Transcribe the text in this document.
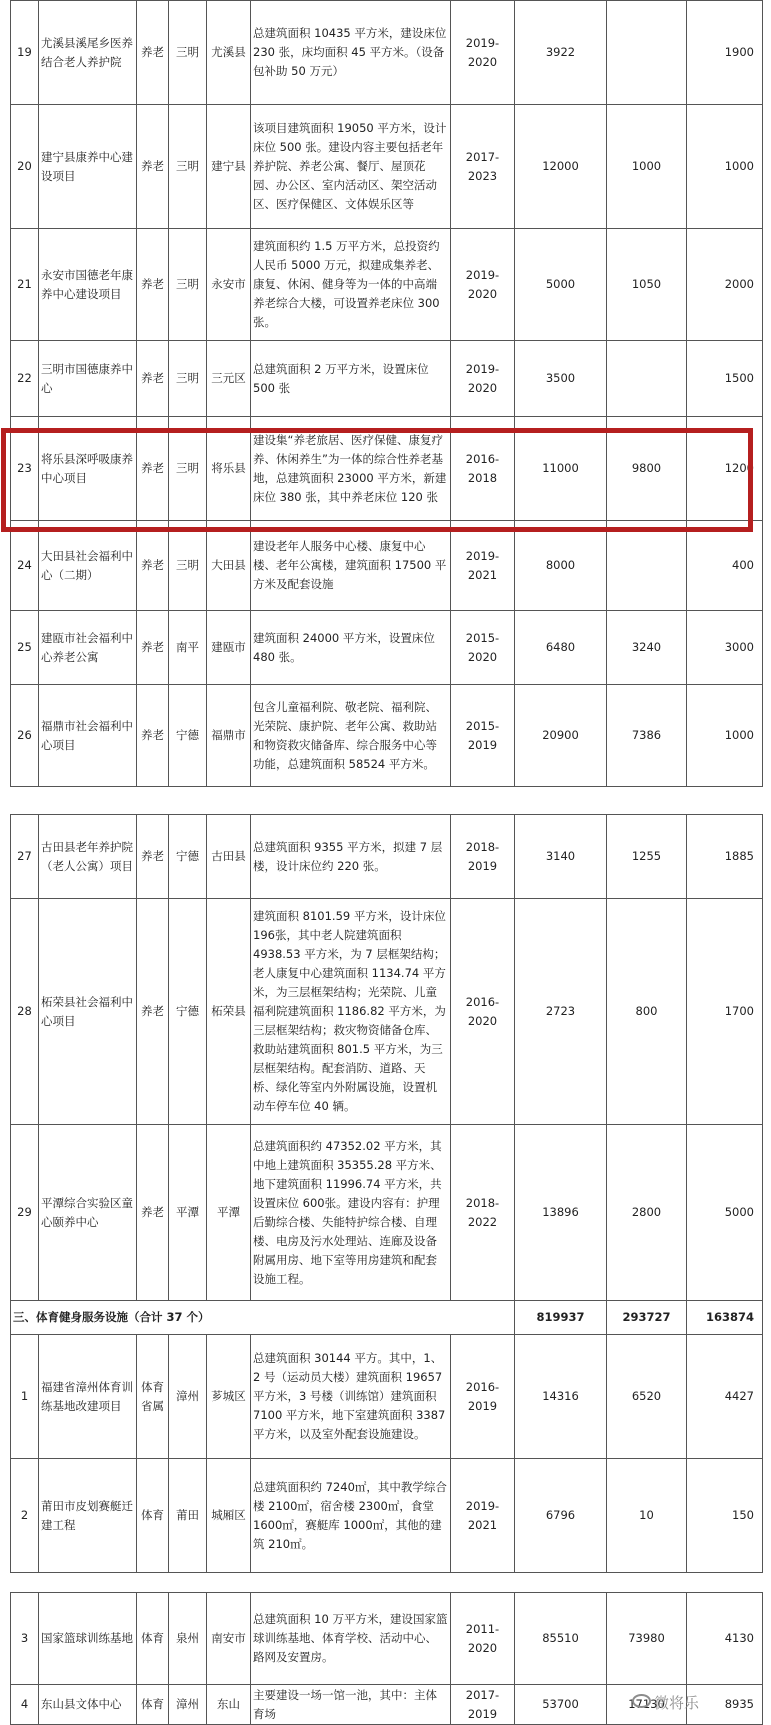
19	尤溪县溪尾乡医养结合老人养护院	养老	三明	尤溪县	总建筑面积 10435 平方米，建设床位 230 张，床均面积 45 平方米。（设备包补助 50 万元）	2019-2020	3922		1900
20	建宁县康养中心建设项目	养老	三明	建宁县	该项目建筑面积 19050 平方米，设计床位 500 张。建设内容主要包括老年养护院、养老公寓、餐厅、屋顶花园、办公区、室内活动区、架空活动区、医疗保健区、文体娱乐区等	2017-2023	12000	1000	1000
21	永安市国德老年康养中心建设项目	养老	三明	永安市	建筑面积约 1.5 万平方米，总投资约人民币 5000 万元，拟建成集养老、康复、休闲、健身等为一体的中高端养老综合大楼，可设置养老床位 300 张。	2019-2020	5000	1050	2000
22	三明市国德康养中心	养老	三明	三元区	总建筑面积 2 万平方米，设置床位 500 张	2019-2020	3500		1500
23	将乐县深呼吸康养中心项目	养老	三明	将乐县	建设集“养老旅居、医疗保健、康复疗养、休闲养生”为一体的综合性养老基地，总建筑面积 23000 平方米，新建床位 380 张，其中养老床位 120 张	2016-2018	11000	9800	1200
24	大田县社会福利中心（二期）	养老	三明	大田县	建设老年人服务中心楼、康复中心楼、老年公寓楼，建筑面积 17500 平方米及配套设施	2019-2021	8000		400
25	建瓯市社会福利中心养老公寓	养老	南平	建瓯市	建筑面积 24000 平方米，设置床位 480 张。	2015-2020	6480	3240	3000
26	福鼎市社会福利中心项目	养老	宁德	福鼎市	包含儿童福利院、敬老院、福利院、光荣院、康护院、老年公寓、救助站和物资救灾储备库、综合服务中心等功能，总建筑面积 58524 平方米。	2015-2019	20900	7386	1000
27	古田县老年养护院（老人公寓）项目	养老	宁德	古田县	总建筑面积 9355 平方米，拟建 7 层楼，设计床位约 220 张。	2018-2019	3140	1255	1885
28	柘荣县社会福利中心项目	养老	宁德	柘荣县	建筑面积 8101.59 平方米，设计床位 196张，其中老人院建筑面积 4938.53 平方米，为 7 层框架结构；老人康复中心建筑面积 1134.74 平方米，为三层框架结构；光荣院、儿童福利院建筑面积 1186.82 平方米，为三层框架结构；救灾物资储备仓库、救助站建筑面积 801.5 平方米，为三层框架结构。配套消防、道路、天桥、绿化等室内外附属设施，设置机动车停车位 40 辆。	2016-2020	2723	800	1700
29	平潭综合实验区童心颐养中心	养老	平潭	平潭	总建筑面积约 47352.02 平方米，其中地上建筑面积 35355.28 平方米、地下建筑面积 11996.74 平方米，共设置床位 600张。建设内容有：护理后勤综合楼、失能特护综合楼、自理楼、电房及污水处理站、连廊及设备附属用房、地下室等用房建筑和配套设施工程。	2018-2022	13896	2800	5000
三、体育健身服务设施（合计 37 个）							819937	293727	163874
1	福建省漳州体育训练基地改建项目	体育省属	漳州	芗城区	总建筑面积 30144 平方。其中，1、2 号（运动员大楼）建筑面积 19657 平方米，3 号楼（训练馆）建筑面积 7100 平方米，地下室建筑面积 3387 平方米，以及室外配套设施建设。	2016-2019	14316	6520	4427
2	莆田市皮划赛艇迁建工程	体育	莆田	城厢区	总建筑面积约 7240㎡，其中教学综合楼 2100㎡，宿舍楼 2300㎡，食堂 1600㎡，赛艇库 1000㎡，其他的建筑 210㎡。	2019-2021	6796	10	150
3	国家篮球训练基地	体育	泉州	南安市	总建筑面积 10 万平方米，建设国家篮球训练基地、体育学校、活动中心、路网及安置房。	2011-2020	85510	73980	4130
4	东山县文体中心	体育	漳州	东山	主要建设一场一馆一池，其中：主体育场	2017-2019	53700	17130	8935
微将乐
